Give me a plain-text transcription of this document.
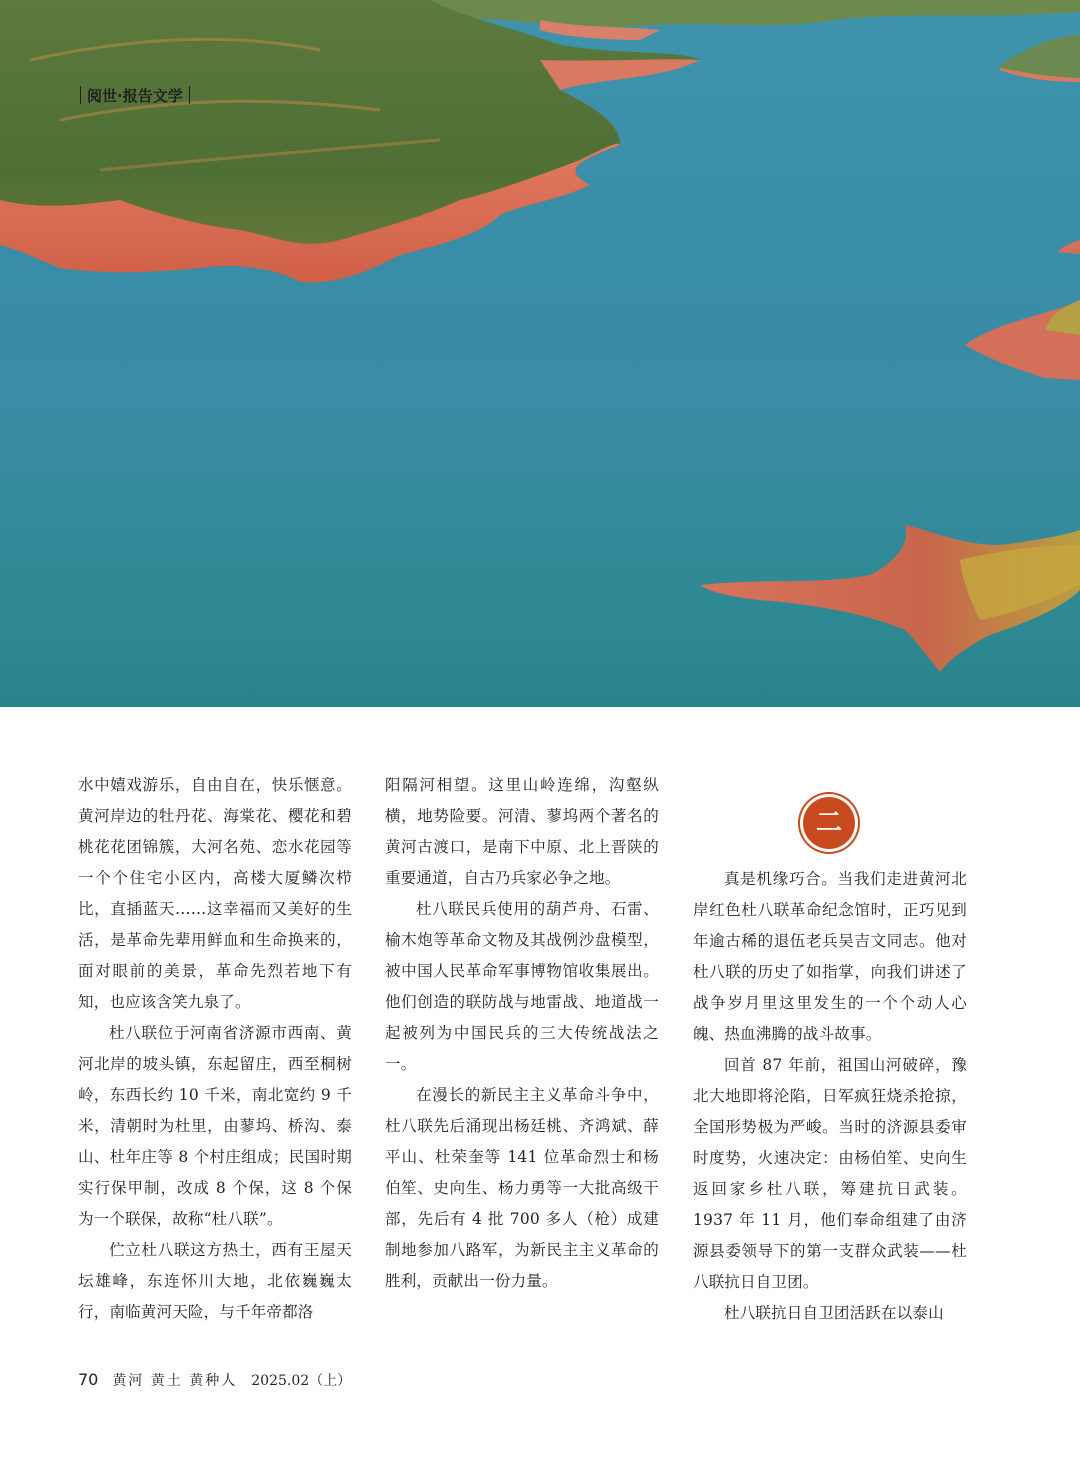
阅世·报告文学

水中嬉戏游乐，自由自在，快乐惬意。黄河岸边的牡丹花、海棠花、樱花和碧桃花花团锦簇，大河名苑、恋水花园等一个个住宅小区内，高楼大厦鳞次栉比，直插蓝天……这幸福而又美好的生活，是革命先辈用鲜血和生命换来的，面对眼前的美景，革命先烈若地下有知，也应该含笑九泉了。

杜八联位于河南省济源市西南、黄河北岸的坡头镇，东起留庄，西至桐树岭，东西长约 10 千米，南北宽约 9 千米，清朝时为杜里，由蓼坞、桥沟、泰山、杜年庄等 8 个村庄组成；民国时期实行保甲制，改成 8 个保，这 8 个保为一个联保，故称“杜八联”。

伫立杜八联这方热土，西有王屋天坛雄峰，东连怀川大地，北依巍巍太行，南临黄河天险，与千年帝都洛

阳隔河相望。这里山岭连绵，沟壑纵横，地势险要。河清、蓼坞两个著名的黄河古渡口，是南下中原、北上晋陕的重要通道，自古乃兵家必争之地。

杜八联民兵使用的葫芦舟、石雷、榆木炮等革命文物及其战例沙盘模型，被中国人民革命军事博物馆收集展出。他们创造的联防战与地雷战、地道战一起被列为中国民兵的三大传统战法之一。

在漫长的新民主主义革命斗争中，杜八联先后涌现出杨廷桃、齐鸿斌、薛平山、杜荣奎等 141 位革命烈士和杨伯笙、史向生、杨力勇等一大批高级干部，先后有 4 批 700 多人（枪）成建制地参加八路军，为新民主主义革命的胜利，贡献出一份力量。

二

真是机缘巧合。当我们走进黄河北岸红色杜八联革命纪念馆时，正巧见到年逾古稀的退伍老兵吴吉文同志。他对杜八联的历史了如指掌，向我们讲述了战争岁月里这里发生的一个个动人心魄、热血沸腾的战斗故事。

回首 87 年前，祖国山河破碎，豫北大地即将沦陷，日军疯狂烧杀抢掠，全国形势极为严峻。当时的济源县委审时度势，火速决定：由杨伯笙、史向生返回家乡杜八联，筹建抗日武装。1937 年 11 月，他们奉命组建了由济源县委领导下的第一支群众武装——杜八联抗日自卫团。

杜八联抗日自卫团活跃在以泰山

70 黄河 黄土 黄种人 2025.02（上）
